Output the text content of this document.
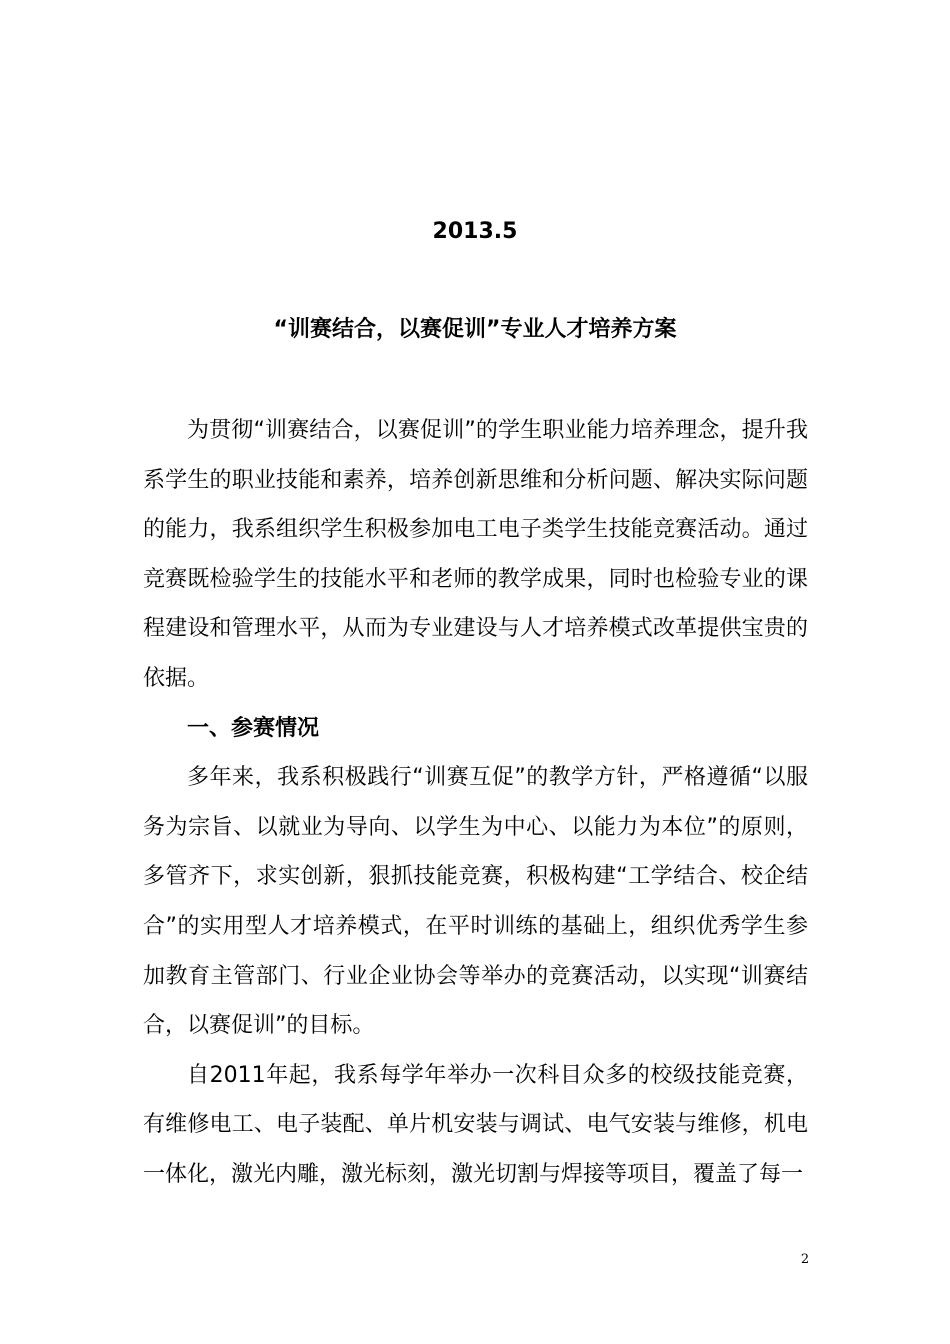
2013.5
“训赛结合，以赛促训”专业人才培养方案

为贯彻“训赛结合，以赛促训”的学生职业能力培养理念，提升我系学生的职业技能和素养，培养创新思维和分析问题、解决实际问题的能力，我系组织学生积极参加电工电子类学生技能竞赛活动。通过竞赛既检验学生的技能水平和老师的教学成果，同时也检验专业的课程建设和管理水平，从而为专业建设与人才培养模式改革提供宝贵的依据。

一、参赛情况

多年来，我系积极践行“训赛互促”的教学方针，严格遵循“以服务为宗旨、以就业为导向、以学生为中心、以能力为本位”的原则，多管齐下，求实创新，狠抓技能竞赛，积极构建“工学结合、校企结合”的实用型人才培养模式，在平时训练的基础上，组织优秀学生参加教育主管部门、行业企业协会等举办的竞赛活动，以实现“训赛结合，以赛促训”的目标。

自2011年起，我系每学年举办一次科目众多的校级技能竞赛，有维修电工、电子装配、单片机安装与调试、电气安装与维修，机电一体化，激光内雕，激光标刻，激光切割与焊接等项目，覆盖了每一

2
